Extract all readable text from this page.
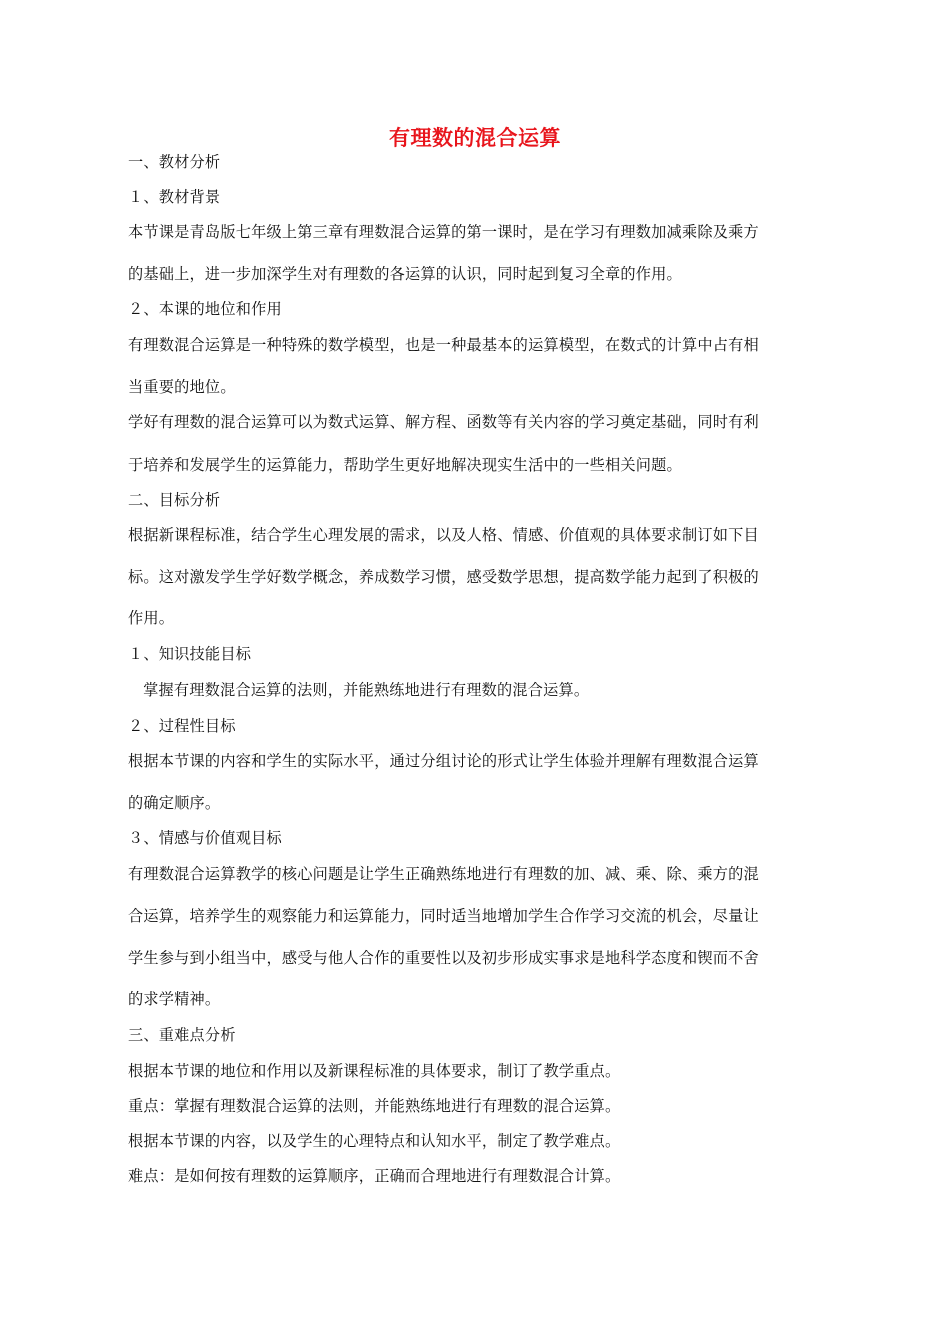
有理数的混合运算
一、教材分析
１、教材背景
本节课是青岛版七年级上第三章有理数混合运算的第一课时，是在学习有理数加减乘除及乘方
的基础上，进一步加深学生对有理数的各运算的认识，同时起到复习全章的作用。
２、本课的地位和作用
有理数混合运算是一种特殊的数学模型，也是一种最基本的运算模型，在数式的计算中占有相
当重要的地位。
学好有理数的混合运算可以为数式运算、解方程、函数等有关内容的学习奠定基础，同时有利
于培养和发展学生的运算能力，帮助学生更好地解决现实生活中的一些相关问题。
二、目标分析
根据新课程标准，结合学生心理发展的需求，以及人格、情感、价值观的具体要求制订如下目
标。这对激发学生学好数学概念，养成数学习惯，感受数学思想，提高数学能力起到了积极的
作用。
１、知识技能目标
掌握有理数混合运算的法则，并能熟练地进行有理数的混合运算。
２、过程性目标
根据本节课的内容和学生的实际水平，通过分组讨论的形式让学生体验并理解有理数混合运算
的确定顺序。
３、情感与价值观目标
有理数混合运算教学的核心问题是让学生正确熟练地进行有理数的加、减、乘、除、乘方的混
合运算，培养学生的观察能力和运算能力，同时适当地增加学生合作学习交流的机会，尽量让
学生参与到小组当中，感受与他人合作的重要性以及初步形成实事求是地科学态度和锲而不舍
的求学精神。
三、重难点分析
根据本节课的地位和作用以及新课程标准的具体要求，制订了教学重点。
重点：掌握有理数混合运算的法则，并能熟练地进行有理数的混合运算。
根据本节课的内容，以及学生的心理特点和认知水平，制定了教学难点。
难点：是如何按有理数的运算顺序，正确而合理地进行有理数混合计算。
